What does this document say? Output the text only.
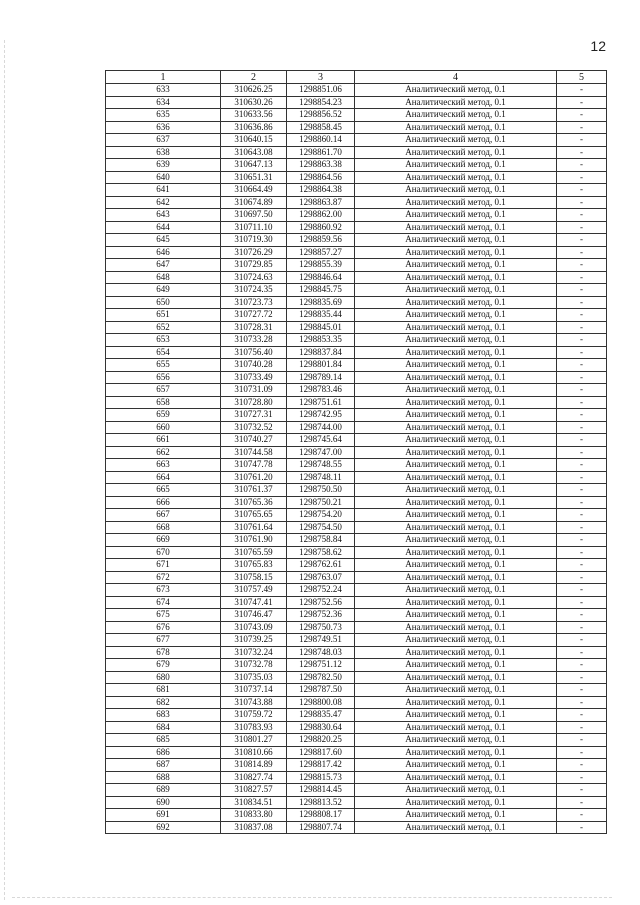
12
1	2	3	4	5
633	310626.25	1298851.06	Аналитический метод, 0.1	-
634	310630.26	1298854.23	Аналитический метод, 0.1	-
635	310633.56	1298856.52	Аналитический метод, 0.1	-
636	310636.86	1298858.45	Аналитический метод, 0.1	-
637	310640.15	1298860.14	Аналитический метод, 0.1	-
638	310643.08	1298861.70	Аналитический метод, 0.1	-
639	310647.13	1298863.38	Аналитический метод, 0.1	-
640	310651.31	1298864.56	Аналитический метод, 0.1	-
641	310664.49	1298864.38	Аналитический метод, 0.1	-
642	310674.89	1298863.87	Аналитический метод, 0.1	-
643	310697.50	1298862.00	Аналитический метод, 0.1	-
644	310711.10	1298860.92	Аналитический метод, 0.1	-
645	310719.30	1298859.56	Аналитический метод, 0.1	-
646	310726.29	1298857.27	Аналитический метод, 0.1	-
647	310729.85	1298855.39	Аналитический метод, 0.1	-
648	310724.63	1298846.64	Аналитический метод, 0.1	-
649	310724.35	1298845.75	Аналитический метод, 0.1	-
650	310723.73	1298835.69	Аналитический метод, 0.1	-
651	310727.72	1298835.44	Аналитический метод, 0.1	-
652	310728.31	1298845.01	Аналитический метод, 0.1	-
653	310733.28	1298853.35	Аналитический метод, 0.1	-
654	310756.40	1298837.84	Аналитический метод, 0.1	-
655	310740.28	1298801.84	Аналитический метод, 0.1	-
656	310733.49	1298789.14	Аналитический метод, 0.1	-
657	310731.09	1298783.46	Аналитический метод, 0.1	-
658	310728.80	1298751.61	Аналитический метод, 0.1	-
659	310727.31	1298742.95	Аналитический метод, 0.1	-
660	310732.52	1298744.00	Аналитический метод, 0.1	-
661	310740.27	1298745.64	Аналитический метод, 0.1	-
662	310744.58	1298747.00	Аналитический метод, 0.1	-
663	310747.78	1298748.55	Аналитический метод, 0.1	-
664	310761.20	1298748.11	Аналитический метод, 0.1	-
665	310761.37	1298750.50	Аналитический метод, 0.1	-
666	310765.36	1298750.21	Аналитический метод, 0.1	-
667	310765.65	1298754.20	Аналитический метод, 0.1	-
668	310761.64	1298754.50	Аналитический метод, 0.1	-
669	310761.90	1298758.84	Аналитический метод, 0.1	-
670	310765.59	1298758.62	Аналитический метод, 0.1	-
671	310765.83	1298762.61	Аналитический метод, 0.1	-
672	310758.15	1298763.07	Аналитический метод, 0.1	-
673	310757.49	1298752.24	Аналитический метод, 0.1	-
674	310747.41	1298752.56	Аналитический метод, 0.1	-
675	310746.47	1298752.36	Аналитический метод, 0.1	-
676	310743.09	1298750.73	Аналитический метод, 0.1	-
677	310739.25	1298749.51	Аналитический метод, 0.1	-
678	310732.24	1298748.03	Аналитический метод, 0.1	-
679	310732.78	1298751.12	Аналитический метод, 0.1	-
680	310735.03	1298782.50	Аналитический метод, 0.1	-
681	310737.14	1298787.50	Аналитический метод, 0.1	-
682	310743.88	1298800.08	Аналитический метод, 0.1	-
683	310759.72	1298835.47	Аналитический метод, 0.1	-
684	310783.93	1298830.64	Аналитический метод, 0.1	-
685	310801.27	1298820.25	Аналитический метод, 0.1	-
686	310810.66	1298817.60	Аналитический метод, 0.1	-
687	310814.89	1298817.42	Аналитический метод, 0.1	-
688	310827.74	1298815.73	Аналитический метод, 0.1	-
689	310827.57	1298814.45	Аналитический метод, 0.1	-
690	310834.51	1298813.52	Аналитический метод, 0.1	-
691	310833.80	1298808.17	Аналитический метод, 0.1	-
692	310837.08	1298807.74	Аналитический метод, 0.1	-
